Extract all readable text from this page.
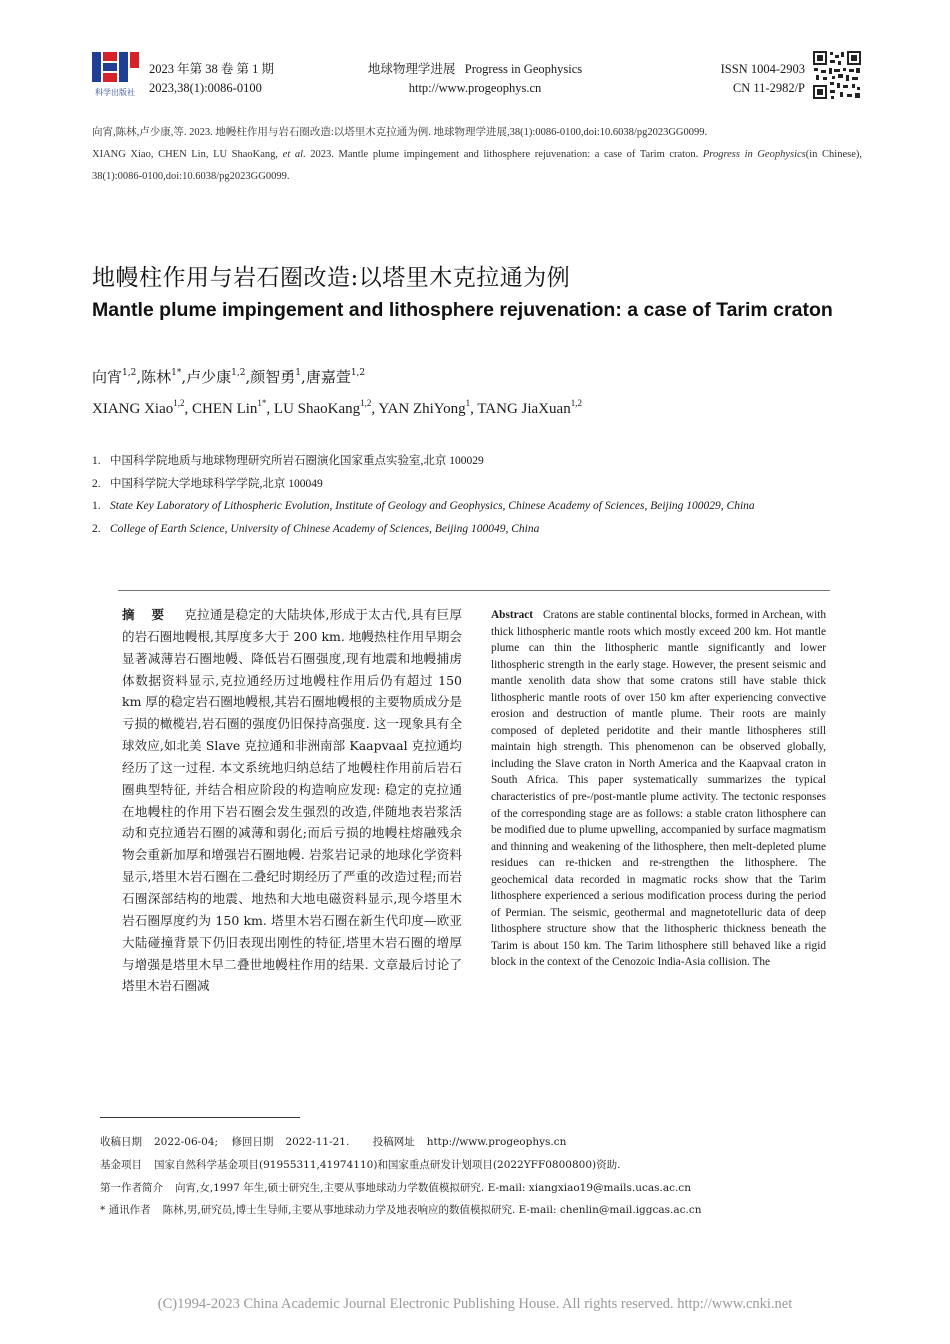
科学出版社
2023 年第 38 卷 第 1 期
2023,38(1):0086-0100
地球物理学进展 Progress in Geophysics
http://www.progeophys.cn
ISSN 1004-2903
CN 11-2982/P

向宵,陈林,卢少康,等. 2023. 地幔柱作用与岩石圈改造:以塔里木克拉通为例. 地球物理学进展,38(1):0086-0100,doi:10.6038/pg2023GG0099.

XIANG Xiao, CHEN Lin, LU ShaoKang, et al. 2023. Mantle plume impingement and lithosphere rejuvenation: a case of Tarim craton. Progress in Geophysics(in Chinese), 38(1):0086-0100,doi:10.6038/pg2023GG0099.

地幔柱作用与岩石圈改造:以塔里木克拉通为例
Mantle plume impingement and lithosphere rejuvenation: a case of Tarim craton
向宵$^{1,2}$,陈林$^{1*}$,卢少康$^{1,2}$,颜智勇$^1$,唐嘉萱$^{1,2}$
XIANG Xiao$^{1,2}$, CHEN Lin$^{1*}$, LU ShaoKang$^{1,2}$, YAN ZhiYong$^1$, TANG JiaXuan$^{1,2}$
1. 中国科学院地质与地球物理研究所岩石圈演化国家重点实验室,北京 100029
2. 中国科学院大学地球科学学院,北京 100049
1. State Key Laboratory of Lithospheric Evolution, Institute of Geology and Geophysics, Chinese Academy of Sciences, Beijing 100029, China
2. College of Earth Science, University of Chinese Academy of Sciences, Beijing 100049, China
摘 要 克拉通是稳定的大陆块体,形成于太古代,具有巨厚的岩石圈地幔根,其厚度多大于 200 km. 地幔热柱作用早期会显著减薄岩石圈地幔、降低岩石圈强度,现有地震和地幔捕虏体数据资料显示,克拉通经历过地幔柱作用后仍有超过 150 km 厚的稳定岩石圈地幔根,其岩石圈地幔根的主要物质成分是亏损的橄榄岩,岩石圈的强度仍旧保持高强度. 这一现象具有全球效应,如北美 Slave 克拉通和非洲南部 Kaapvaal 克拉通均经历了这一过程. 本文系统地归纳总结了地幔柱作用前后岩石圈典型特征, 并结合相应阶段的构造响应发现: 稳定的克拉通在地幔柱的作用下岩石圈会发生强烈的改造,伴随地表岩浆活动和克拉通岩石圈的减薄和弱化;而后亏损的地幔柱熔融残余物会重新加厚和增强岩石圈地幔. 岩浆岩记录的地球化学资料显示,塔里木岩石圈在二叠纪时期经历了严重的改造过程;而岩石圈深部结构的地震、地热和大地电磁资料显示,现今塔里木岩石圈厚度约为 150 km. 塔里木岩石圈在新生代印度—欧亚大陆碰撞背景下仍旧表现出刚性的特征,塔里木岩石圈的增厚与增强是塔里木早二叠世地幔柱作用的结果. 文章最后讨论了塔里木岩石圈减
Abstract Cratons are stable continental blocks, formed in Archean, with thick lithospheric mantle roots which mostly exceed 200 km. Hot mantle plume can thin the lithospheric mantle significantly and lower lithospheric strength in the early stage. However, the present seismic and mantle xenolith data show that some cratons still have stable thick lithospheric mantle roots of over 150 km after experiencing convective erosion and destruction of mantle plume. Their roots are mainly composed of depleted peridotite and their mantle lithospheres still maintain high strength. This phenomenon can be observed globally, including the Slave craton in North America and the Kaapvaal craton in South Africa. This paper systematically summarizes the typical characteristics of pre-/post-mantle plume activity. The tectonic responses of the corresponding stage are as follows: a stable craton lithosphere can be modified due to plume upwelling, accompanied by surface magmatism and thinning and weakening of the lithosphere, then melt-depleted plume residues can re-thicken and re-strengthen the lithosphere. The geochemical data recorded in magmatic rocks show that the Tarim lithosphere experienced a serious modification process during the period of Permian. The seismic, geothermal and magnetotelluric data of deep lithosphere structure show that the lithospheric thickness beneath the Tarim is about 150 km. The Tarim lithosphere still behaved like a rigid block in the context of the Cenozoic India-Asia collision. The

收稿日期 2022-06-04; 修回日期 2022-11-21. 投稿网址 http://www.progeophys.cn

基金项目 国家自然科学基金项目(91955311,41974110)和国家重点研发计划项目(2022YFF0800800)资助.

第一作者简介 向宵,女,1997 年生,硕士研究生,主要从事地球动力学数值模拟研究. E-mail: xiangxiao19@mails.ucas.ac.cn

* 通讯作者 陈林,男,研究员,博士生导师,主要从事地球动力学及地表响应的数值模拟研究. E-mail: chenlin@mail.iggcas.ac.cn

(C)1994-2023 China Academic Journal Electronic Publishing House. All rights reserved. http://www.cnki.net
